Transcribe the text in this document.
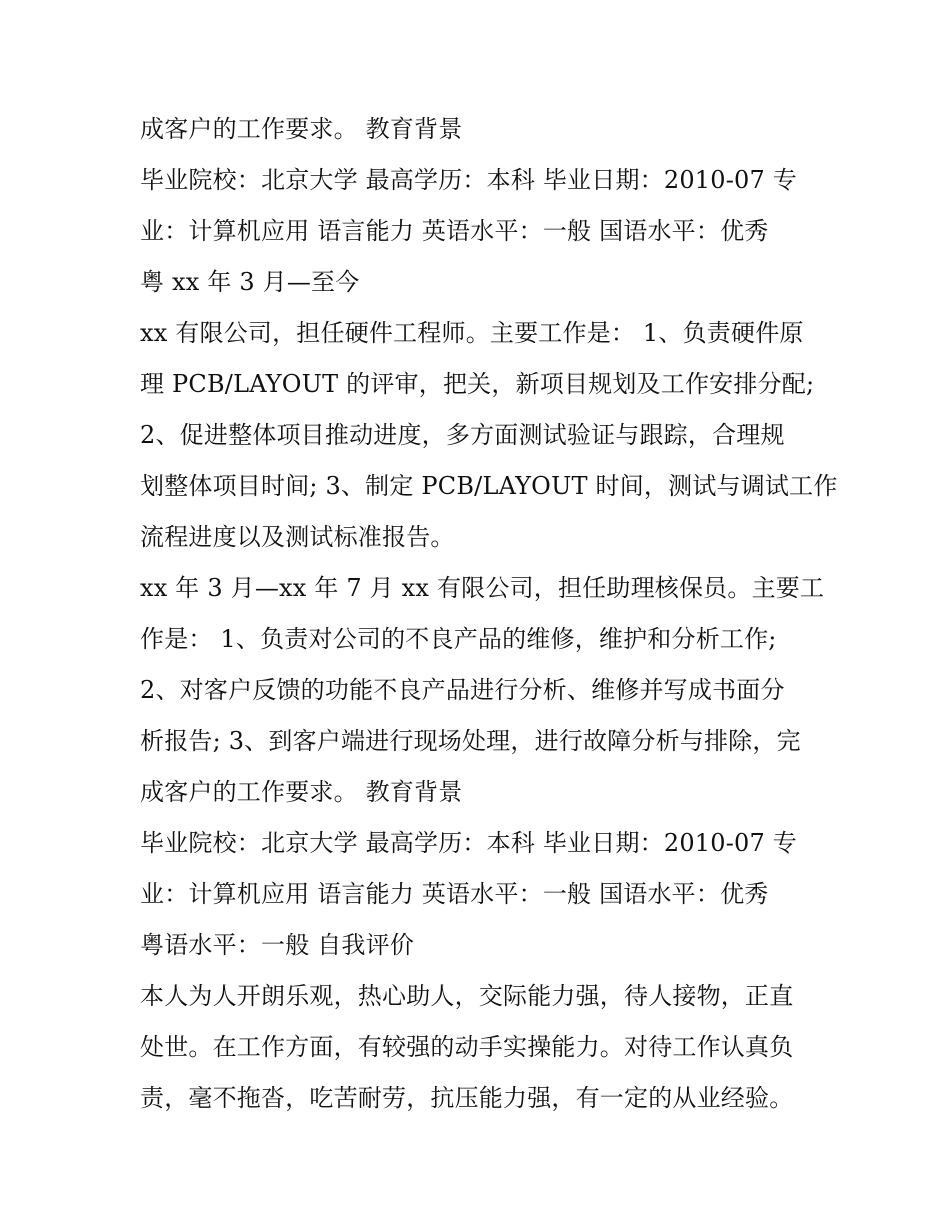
成客户的工作要求。 教育背景
毕业院校：北京大学 最高学历：本科 毕业日期：2010-07 专
业：计算机应用 语言能力 英语水平：一般 国语水平：优秀
粤 xx 年 3 月—至今
xx 有限公司，担任硬件工程师。主要工作是： 1、负责硬件原
理 PCB/LAYOUT 的评审，把关，新项目规划及工作安排分配;
2、促进整体项目推动进度，多方面测试验证与跟踪，合理规
划整体项目时间; 3、制定 PCB/LAYOUT 时间，测试与调试工作
流程进度以及测试标准报告。
xx 年 3 月—xx 年 7 月 xx 有限公司，担任助理核保员。主要工
作是： 1、负责对公司的不良产品的维修，维护和分析工作;
2、对客户反馈的功能不良产品进行分析、维修并写成书面分
析报告; 3、到客户端进行现场处理，进行故障分析与排除，完
成客户的工作要求。 教育背景
毕业院校：北京大学 最高学历：本科 毕业日期：2010-07 专
业：计算机应用 语言能力 英语水平：一般 国语水平：优秀
粤语水平：一般 自我评价
本人为人开朗乐观，热心助人，交际能力强，待人接物，正直
处世。在工作方面，有较强的动手实操能力。对待工作认真负
责，毫不拖沓，吃苦耐劳，抗压能力强，有一定的从业经验。
